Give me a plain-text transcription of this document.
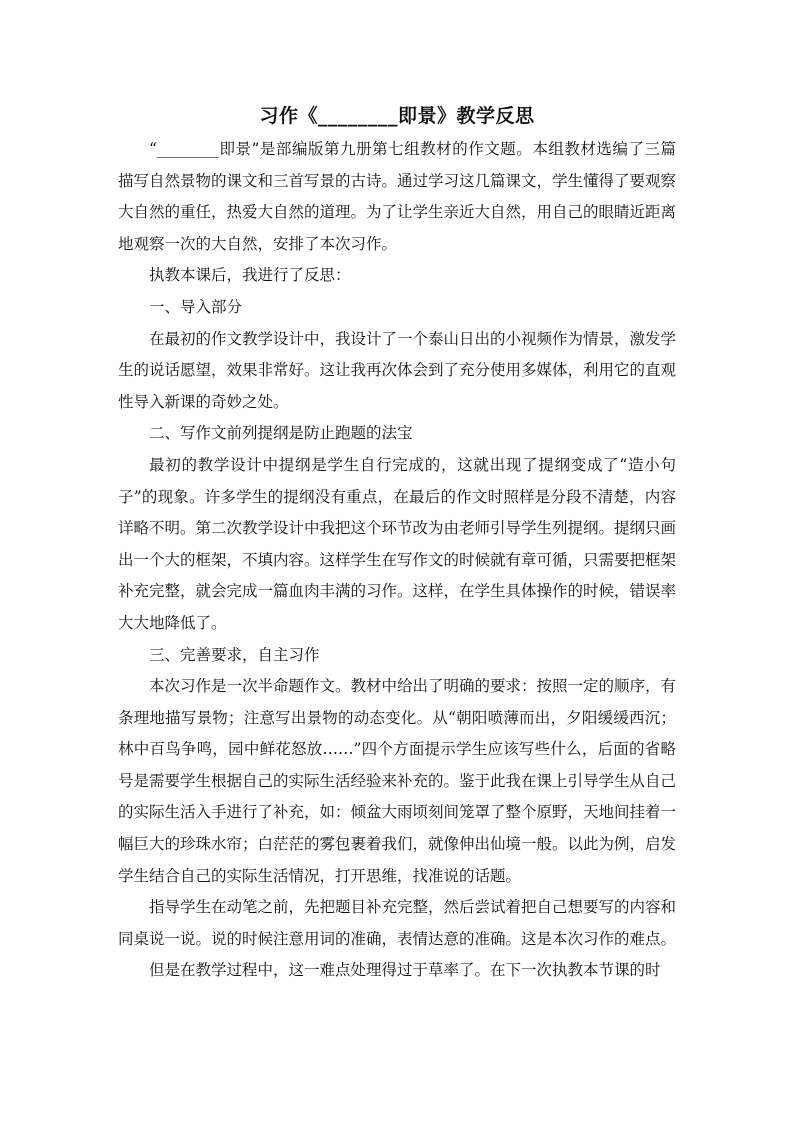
习作《________即景》教学反思

“________即景”是部编版第九册第七组教材的作文题。本组教材选编了三篇描写自然景物的课文和三首写景的古诗。通过学习这几篇课文，学生懂得了要观察大自然的重任，热爱大自然的道理。为了让学生亲近大自然，用自己的眼睛近距离地观察一次的大自然，安排了本次习作。

执教本课后，我进行了反思：

一、导入部分

在最初的作文教学设计中，我设计了一个泰山日出的小视频作为情景，激发学生的说话愿望，效果非常好。这让我再次体会到了充分使用多媒体，利用它的直观性导入新课的奇妙之处。

二、写作文前列提纲是防止跑题的法宝

最初的教学设计中提纲是学生自行完成的，这就出现了提纲变成了“造小句子”的现象。许多学生的提纲没有重点，在最后的作文时照样是分段不清楚，内容详略不明。第二次教学设计中我把这个环节改为由老师引导学生列提纲。提纲只画出一个大的框架，不填内容。这样学生在写作文的时候就有章可循，只需要把框架补充完整，就会完成一篇血肉丰满的习作。这样，在学生具体操作的时候，错误率大大地降低了。

三、完善要求，自主习作

本次习作是一次半命题作文。教材中给出了明确的要求：按照一定的顺序，有条理地描写景物；注意写出景物的动态变化。从“朝阳喷薄而出，夕阳缓缓西沉；林中百鸟争鸣，园中鲜花怒放……”四个方面提示学生应该写些什么，后面的省略号是需要学生根据自己的实际生活经验来补充的。鉴于此我在课上引导学生从自己的实际生活入手进行了补充，如：倾盆大雨顷刻间笼罩了整个原野，天地间挂着一幅巨大的珍珠水帘；白茫茫的雾包裹着我们，就像伸出仙境一般。以此为例，启发学生结合自己的实际生活情况，打开思维，找准说的话题。

指导学生在动笔之前，先把题目补充完整，然后尝试着把自己想要写的内容和同桌说一说。说的时候注意用词的准确，表情达意的准确。这是本次习作的难点。

但是在教学过程中，这一难点处理得过于草率了。在下一次执教本节课的时
